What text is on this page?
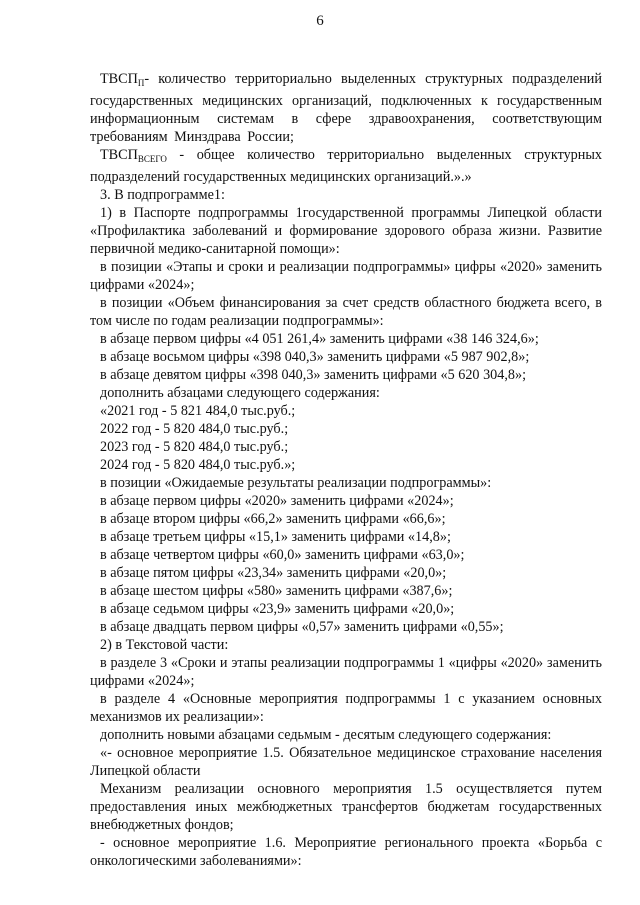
6

$ТВСП_П-$ количество территориально выделенных структурных подразделений государственных медицинских организаций, подключенных к государственным информационным системам в сфере здравоохранения, соответствующим требованиям Минздрава России;

$ТВСП_{ВСЕГО}$ - общее количество территориально выделенных структурных подразделений государственных медицинских организаций.».»

3. В подпрограмме1:

1) в Паспорте подпрограммы 1государственной программы Липецкой области «Профилактика заболеваний и формирование здорового образа жизни. Развитие первичной медико-санитарной помощи»:

в позиции «Этапы и сроки и реализации подпрограммы» цифры «2020» заменить цифрами «2024»;

в позиции «Объем финансирования за счет средств областного бюджета всего, в том числе по годам реализации подпрограммы»:

в абзаце первом цифры «4 051 261,4» заменить цифрами «38 146 324,6»;

в абзаце восьмом цифры «398 040,3» заменить цифрами «5 987 902,8»;

в абзаце девятом цифры «398 040,3» заменить цифрами «5 620 304,8»;

дополнить абзацами следующего содержания:

«2021 год - 5 821 484,0 тыс.руб.;

2022 год - 5 820 484,0 тыс.руб.;

2023 год - 5 820 484,0 тыс.руб.;

2024 год - 5 820 484,0 тыс.руб.»;

в позиции «Ожидаемые результаты реализации подпрограммы»:

в абзаце первом цифры «2020» заменить цифрами «2024»;

в абзаце втором цифры «66,2» заменить цифрами «66,6»;

в абзаце третьем цифры «15,1» заменить цифрами «14,8»;

в абзаце четвертом цифры «60,0» заменить цифрами «63,0»;

в абзаце пятом цифры «23,34» заменить цифрами «20,0»;

в абзаце шестом цифры «580» заменить цифрами «387,6»;

в абзаце седьмом цифры «23,9» заменить цифрами «20,0»;

в абзаце двадцать первом цифры «0,57» заменить цифрами «0,55»;

2) в Текстовой части:

в разделе 3 «Сроки и этапы реализации подпрограммы 1 «цифры «2020» заменить цифрами «2024»;

в разделе 4 «Основные мероприятия подпрограммы 1 с указанием основных механизмов их реализации»:

дополнить новыми абзацами седьмым - десятым следующего содержания:

«- основное мероприятие 1.5. Обязательное медицинское страхование населения Липецкой области

Механизм реализации основного мероприятия 1.5 осуществляется путем предоставления иных межбюджетных трансфертов бюджетам государственных внебюджетных фондов;

- основное мероприятие 1.6. Мероприятие регионального проекта «Борьба с онкологическими заболеваниями»:
